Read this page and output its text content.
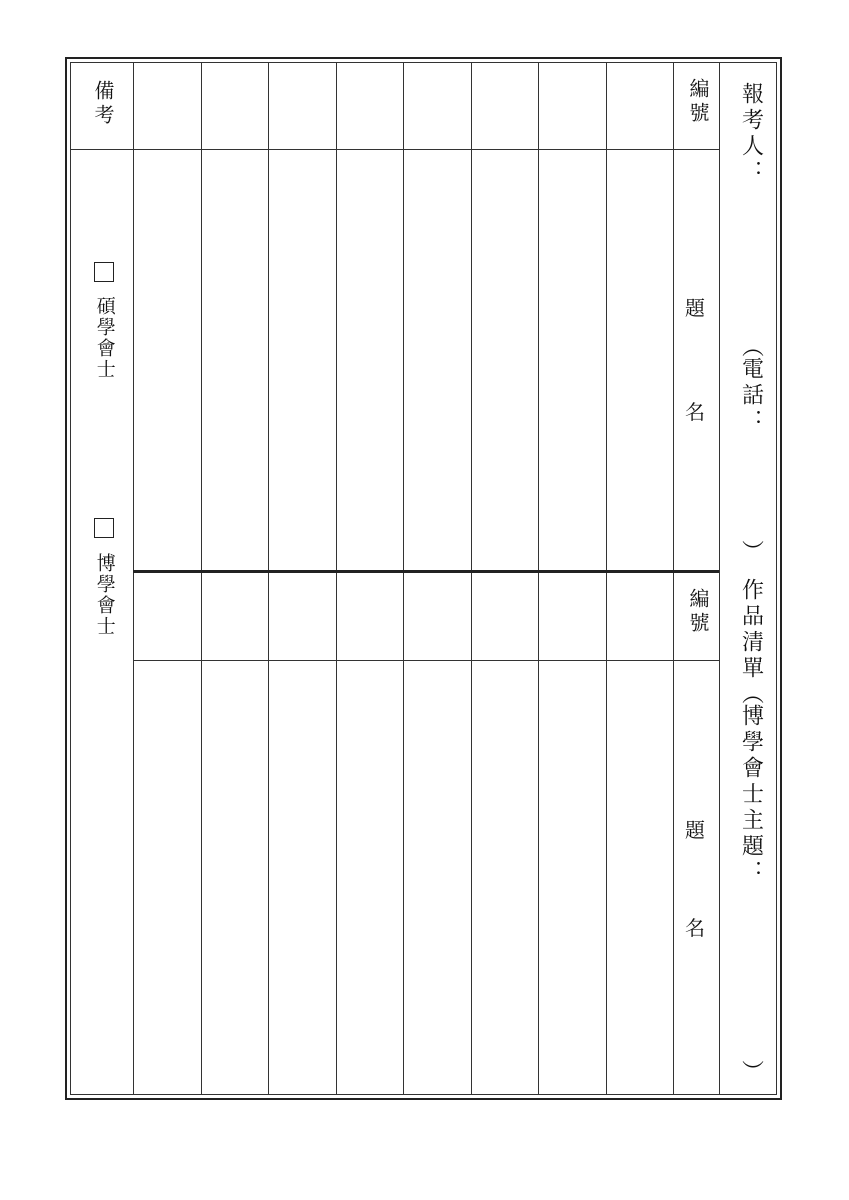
報考人：
（
電話：
）
作品清單
（
博學會士主題：
）
編號
題
名
編號
題
名
備考
碩學會士
博學會士
